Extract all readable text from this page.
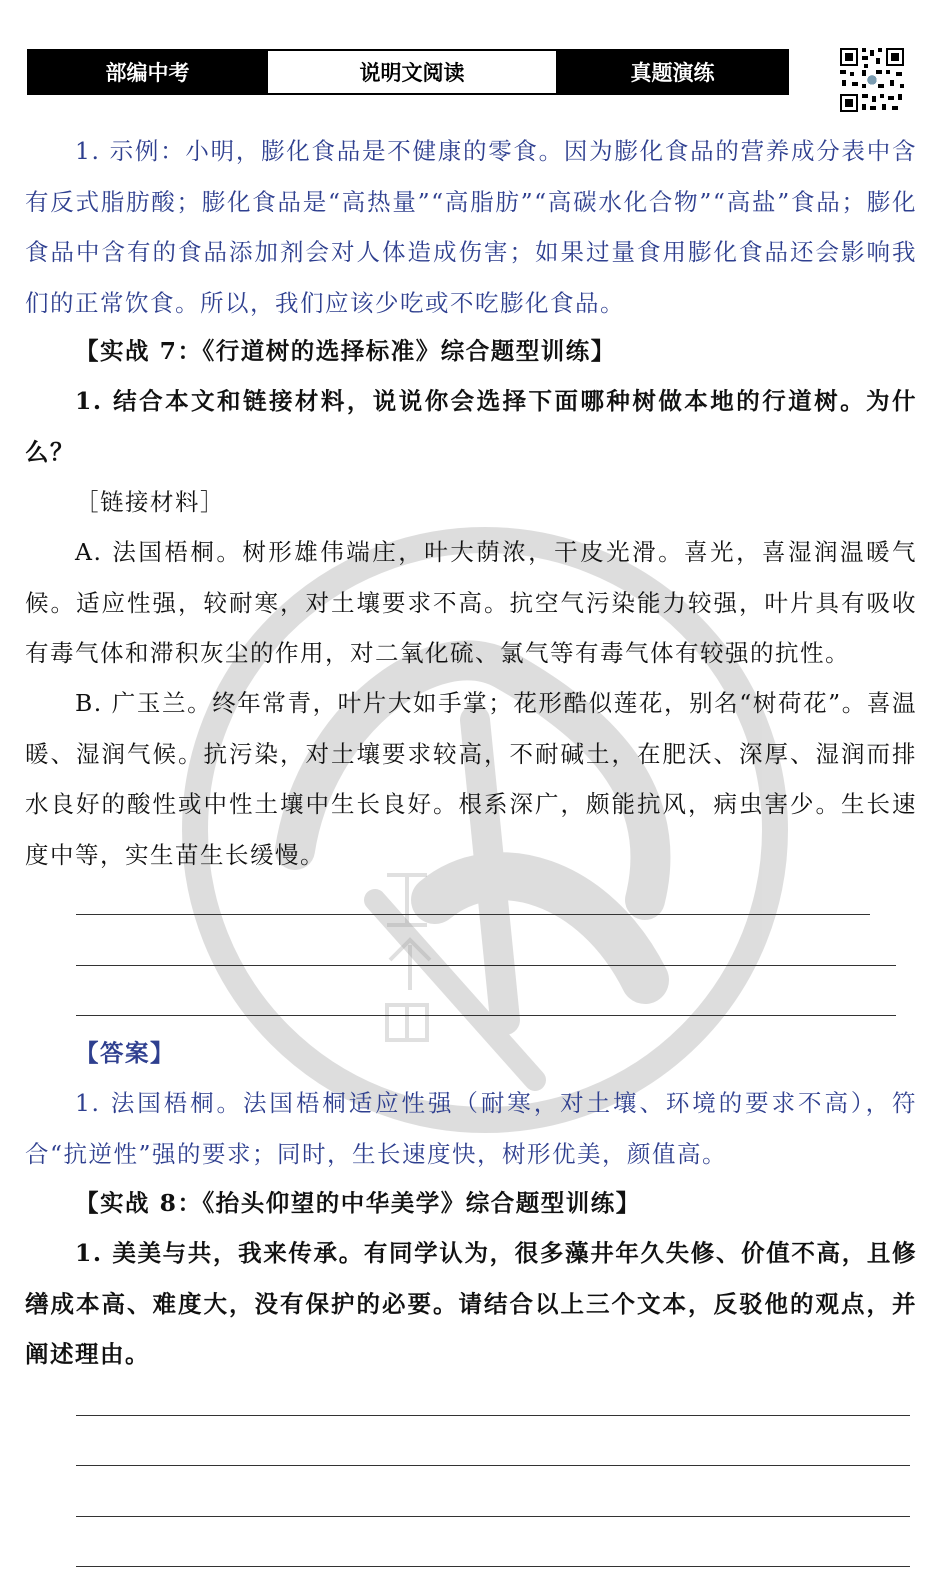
部编中考	说明文阅读	真题演练

1. 示例：小明，膨化食品是不健康的零食。因为膨化食品的营养成分表中含有反式脂肪酸；膨化食品是“高热量”“高脂肪”“高碳水化合物”“高盐”食品；膨化食品中含有的食品添加剂会对人体造成伤害；如果过量食用膨化食品还会影响我们的正常饮食。所以，我们应该少吃或不吃膨化食品。

【实战 7：《行道树的选择标准》综合题型训练】

1. 结合本文和链接材料，说说你会选择下面哪种树做本地的行道树。为什么？

［链接材料］

A. 法国梧桐。树形雄伟端庄，叶大荫浓，干皮光滑。喜光，喜湿润温暖气候。适应性强，较耐寒，对土壤要求不高。抗空气污染能力较强，叶片具有吸收有毒气体和滞积灰尘的作用，对二氧化硫、氯气等有毒气体有较强的抗性。

B. 广玉兰。终年常青，叶片大如手掌；花形酷似莲花，别名“树荷花”。喜温暖、湿润气候。抗污染，对土壤要求较高，不耐碱土，在肥沃、深厚、湿润而排水良好的酸性或中性土壤中生长良好。根系深广，颇能抗风，病虫害少。生长速度中等，实生苗生长缓慢。

【答案】

1. 法国梧桐。法国梧桐适应性强（耐寒，对土壤、环境的要求不高），符合“抗逆性”强的要求；同时，生长速度快，树形优美，颜值高。

【实战 8：《抬头仰望的中华美学》综合题型训练】

1. 美美与共，我来传承。有同学认为，很多藻井年久失修、价值不高，且修缮成本高、难度大，没有保护的必要。请结合以上三个文本，反驳他的观点，并阐述理由。
